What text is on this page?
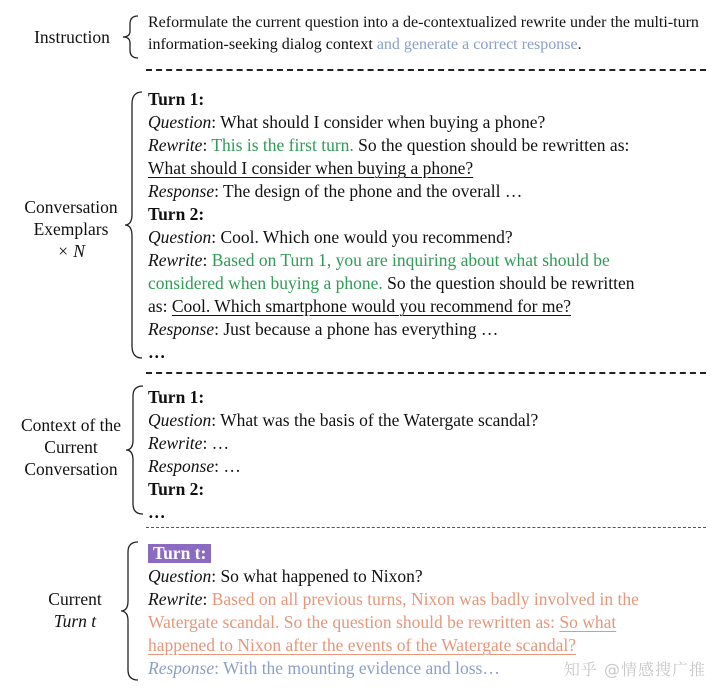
Instruction
Reformulate the current question into a de-contextualized rewrite under the multi-turn information-seeking dialog context and generate a correct response.
Conversation
Exemplars
× N
Turn 1:
Question: What should I consider when buying a phone?
Rewrite: This is the first turn. So the question should be rewritten as:
What should I consider when buying a phone?
Response: The design of the phone and the overall …
Turn 2:
Question: Cool. Which one would you recommend?
Rewrite: Based on Turn 1, you are inquiring about what should be
considered when buying a phone. So the question should be rewritten
as: Cool. Which smartphone would you recommend for me?
Response: Just because a phone has everything …
…
Context of the
Current
Conversation
Turn 1:
Question: What was the basis of the Watergate scandal?
Rewrite: …
Response: …
Turn 2:
…
Current
Turn t
Turn t:
Question: So what happened to Nixon?
Rewrite: Based on all previous turns, Nixon was badly involved in the
Watergate scandal. So the question should be rewritten as: So what
happened to Nixon after the events of the Watergate scandal?
Response: With the mounting evidence and loss…	知乎 @情感搜广推
